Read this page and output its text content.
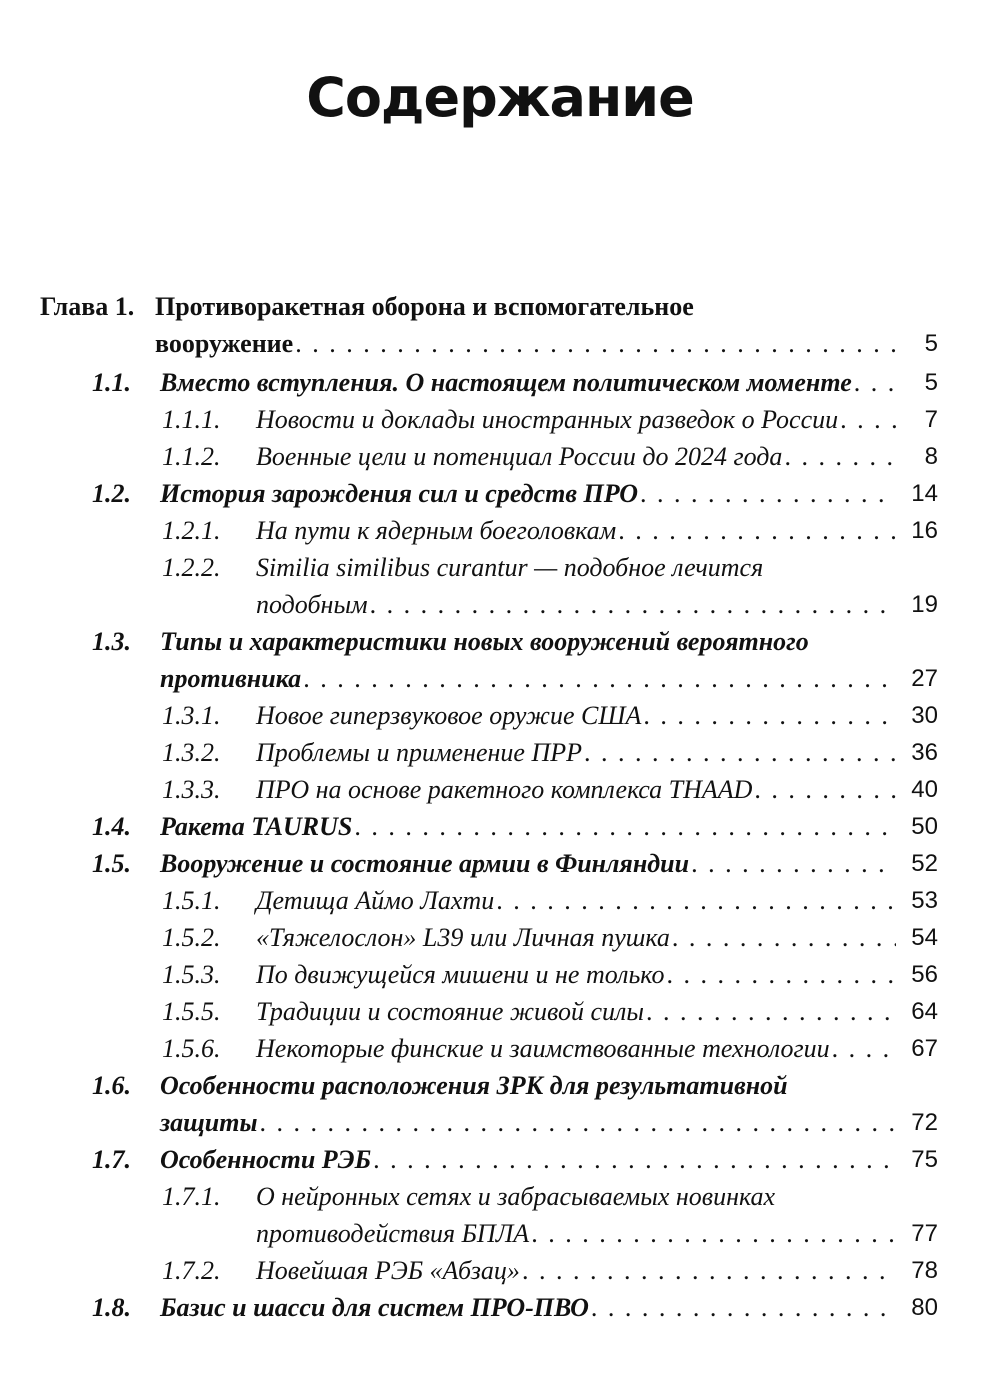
Содержание
Глава 1. Противоракетная оборона и вспомогательное
вооружение . . .	5
1.1. Вместо вступления. О настоящем политическом моменте . . .	5
1.1.1. Новости и доклады иностранных разведок о России . . .	7
1.1.2. Военные цели и потенциал России до 2024 года . . .	8
1.2. История зарождения сил и средств ПРО . . .	14
1.2.1. На пути к ядерным боеголовкам . . .	16
1.2.2. Similia similibus curantur — подобное лечится
подобным . . .	19
1.3. Типы и характеристики новых вооружений вероятного
противника . . .	27
1.3.1. Новое гиперзвуковое оружие США . . .	30
1.3.2. Проблемы и применение ПРР . . .	36
1.3.3. ПРО на основе ракетного комплекса THAAD . . .	40
1.4. Ракета TAURUS . . .	50
1.5. Вооружение и состояние армии в Финляндии . . .	52
1.5.1. Детища Аймо Лахти . . .	53
1.5.2. «Тяжелослон» L39 или Личная пушка . . .	54
1.5.3. По движущейся мишени и не только . . .	56
1.5.5. Традиции и состояние живой силы . . .	64
1.5.6. Некоторые финские и заимствованные технологии . . .	67
1.6. Особенности расположения ЗРК для результативной
защиты . . .	72
1.7. Особенности РЭБ . . .	75
1.7.1. О нейронных сетях и забрасываемых новинках
противодействия БПЛА . . .	77
1.7.2. Новейшая РЭБ «Абзац» . . .	78
1.8. Базис и шасси для систем ПРО-ПВО . . .	80
